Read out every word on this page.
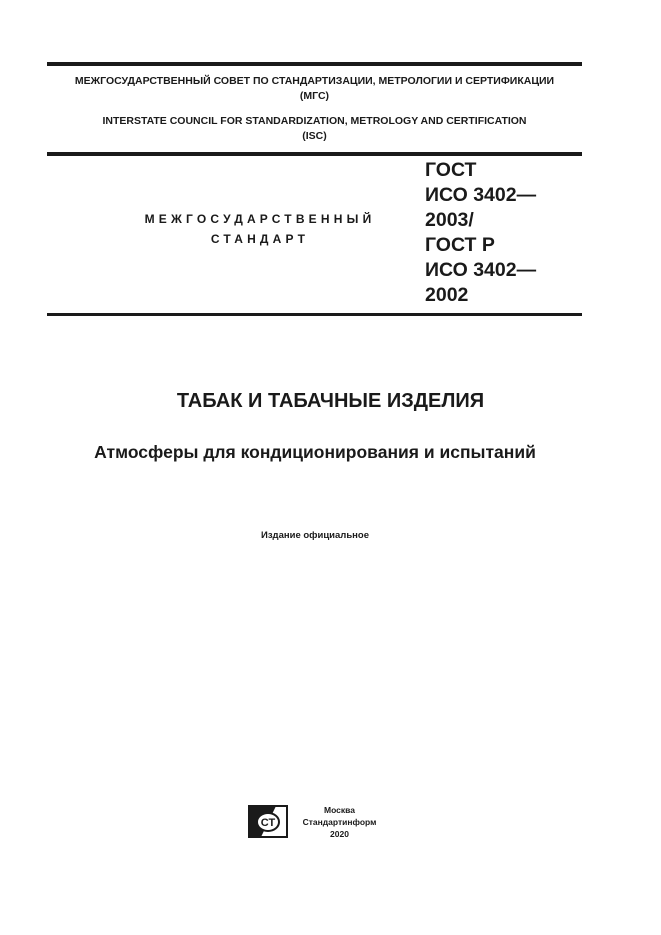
МЕЖГОСУДАРСТВЕННЫЙ СОВЕТ ПО СТАНДАРТИЗАЦИИ, МЕТРОЛОГИИ И СЕРТИФИКАЦИИ
(МГС)
INTERSTATE COUNCIL FOR STANDARDIZATION, METROLOGY AND CERTIFICATION
(ISC)
МЕЖГОСУДАРСТВЕННЫЙ
СТАНДАРТ
ГОСТ
ИСО 3402—
2003/
ГОСТ Р
ИСО 3402—
2002
ТАБАК И ТАБАЧНЫЕ ИЗДЕЛИЯ
Атмосферы для кондиционирования и испытаний
Издание официальное
СТ
Москва
Стандартинформ
2020
